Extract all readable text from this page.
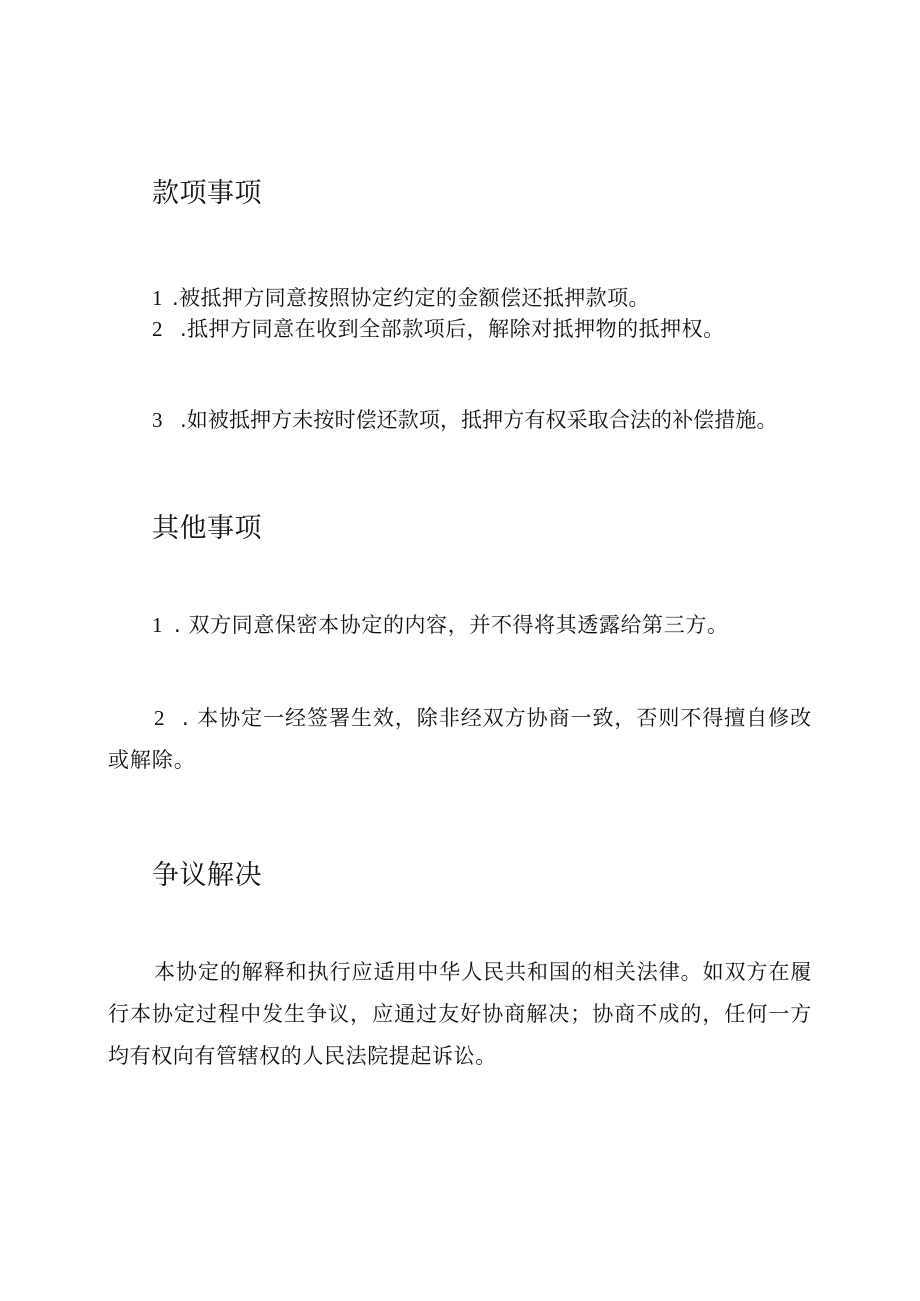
款项事项
1 .被抵押方同意按照协定约定的金额偿还抵押款项。
2 .抵押方同意在收到全部款项后，解除对抵押物的抵押权。
3 .如被抵押方未按时偿还款项，抵押方有权采取合法的补偿措施。
其他事项
1 . 双方同意保密本协定的内容，并不得将其透露给第三方。
2 . 本协定一经签署生效，除非经双方协商一致，否则不得擅自修改或解除。
争议解决
本协定的解释和执行应适用中华人民共和国的相关法律。如双方在履行本协定过程中发生争议，应通过友好协商解决；协商不成的，任何一方均有权向有管辖权的人民法院提起诉讼。
